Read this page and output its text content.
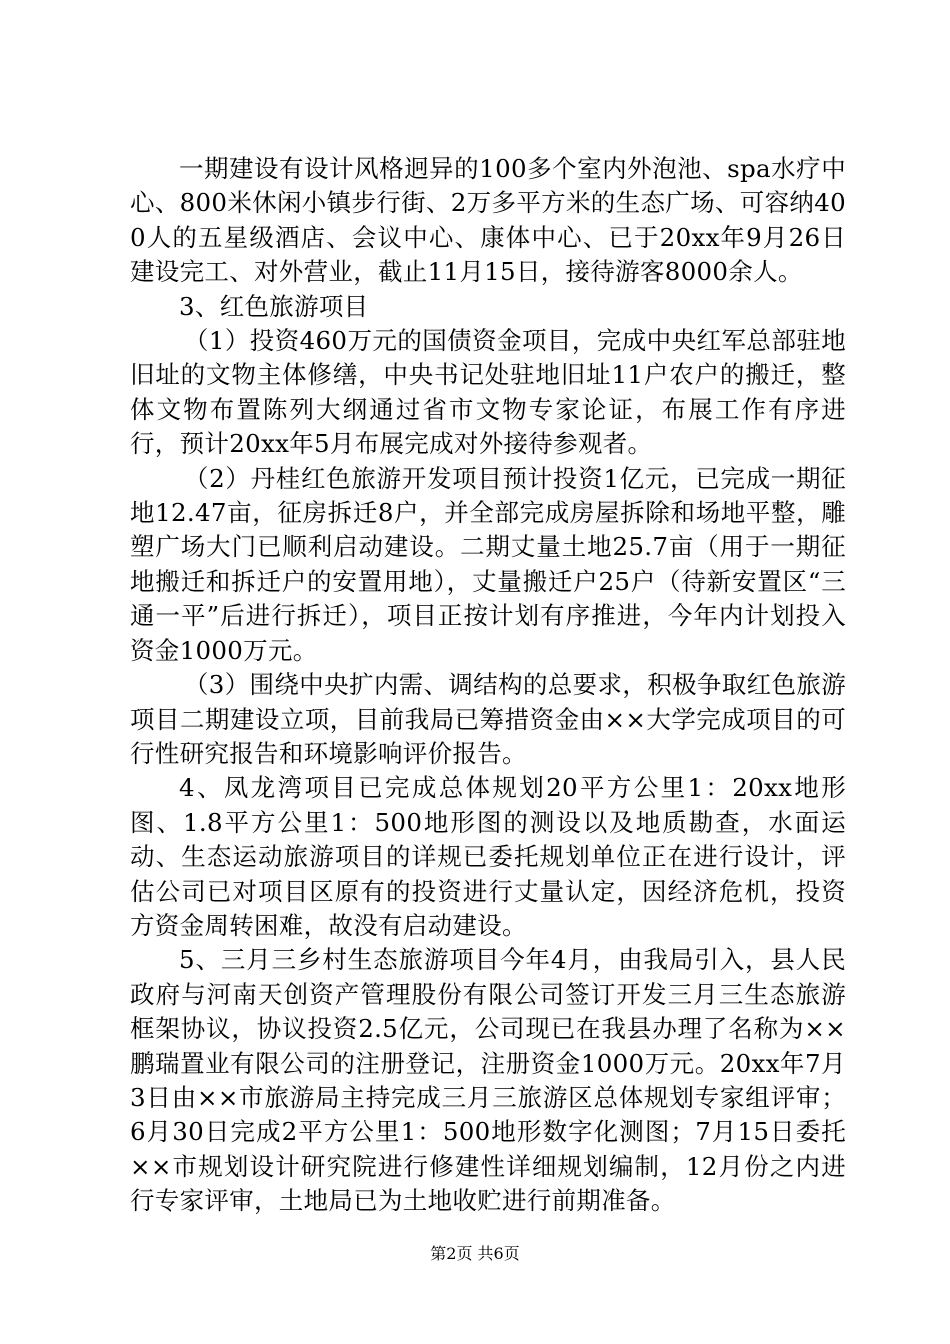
一期建设有设计风格迥异的100多个室内外泡池、spa水疗中心、800米休闲小镇步行街、2万多平方米的生态广场、可容纳400人的五星级酒店、会议中心、康体中心、已于20xx年9月26日建设完工、对外营业，截止11月15日，接待游客8000余人。

3、红色旅游项目

（1）投资460万元的国债资金项目，完成中央红军总部驻地旧址的文物主体修缮，中央书记处驻地旧址11户农户的搬迁，整体文物布置陈列大纲通过省市文物专家论证，布展工作有序进行，预计20xx年5月布展完成对外接待参观者。

（2）丹桂红色旅游开发项目预计投资1亿元，已完成一期征地12.47亩，征房拆迁8户，并全部完成房屋拆除和场地平整，雕塑广场大门已顺利启动建设。二期丈量土地25.7亩（用于一期征地搬迁和拆迁户的安置用地），丈量搬迁户25户（待新安置区“三通一平”后进行拆迁），项目正按计划有序推进，今年内计划投入资金1000万元。

（3）围绕中央扩内需、调结构的总要求，积极争取红色旅游项目二期建设立项，目前我局已筹措资金由××大学完成项目的可行性研究报告和环境影响评价报告。

4、凤龙湾项目已完成总体规划20平方公里1：20xx地形图、1.8平方公里1：500地形图的测设以及地质勘查，水面运动、生态运动旅游项目的详规已委托规划单位正在进行设计，评估公司已对项目区原有的投资进行丈量认定，因经济危机，投资方资金周转困难，故没有启动建设。

5、三月三乡村生态旅游项目今年4月，由我局引入，县人民政府与河南天创资产管理股份有限公司签订开发三月三生态旅游框架协议，协议投资2.5亿元，公司现已在我县办理了名称为××鹏瑞置业有限公司的注册登记，注册资金1000万元。20xx年7月3日由××市旅游局主持完成三月三旅游区总体规划专家组评审；6月30日完成2平方公里1：500地形数字化测图；7月15日委托××市规划设计研究院进行修建性详细规划编制，12月份之内进行专家评审，土地局已为土地收贮进行前期准备。

第2页 共6页
